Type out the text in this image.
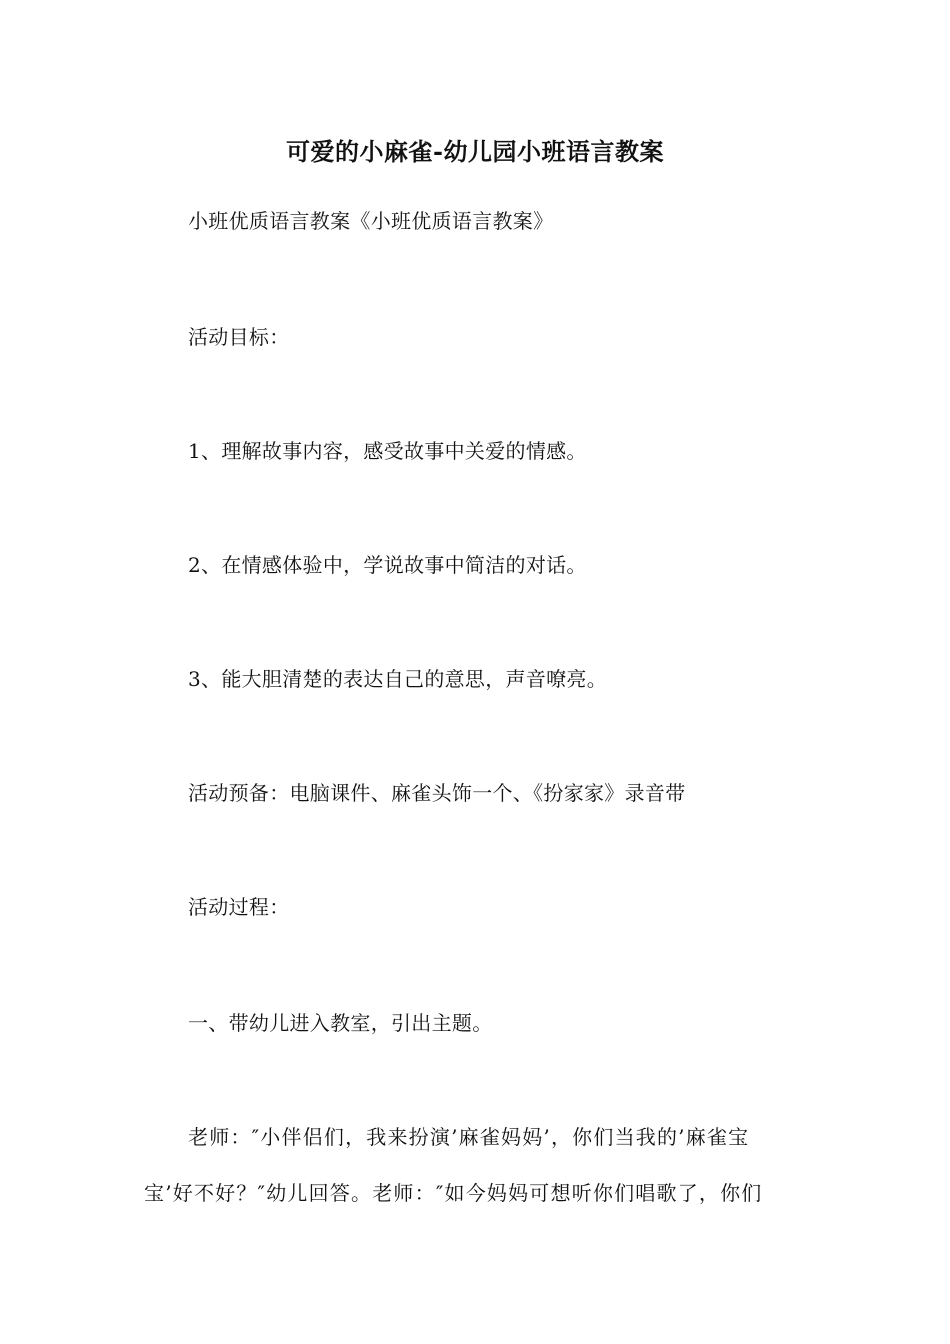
可爱的小麻雀-幼儿园小班语言教案
小班优质语言教案《小班优质语言教案》
活动目标：
1、理解故事内容，感受故事中关爱的情感。
2、在情感体验中，学说故事中简洁的对话。
3、能大胆清楚的表达自己的意思，声音嘹亮。
活动预备：电脑课件、麻雀头饰一个、《扮家家》录音带
活动过程：
一、带幼儿进入教室，引出主题。
老师：″小伴侣们，我来扮演’麻雀妈妈’，你们当我的’麻雀宝
宝’好不好？″幼儿回答。老师：″如今妈妈可想听你们唱歌了，你们
